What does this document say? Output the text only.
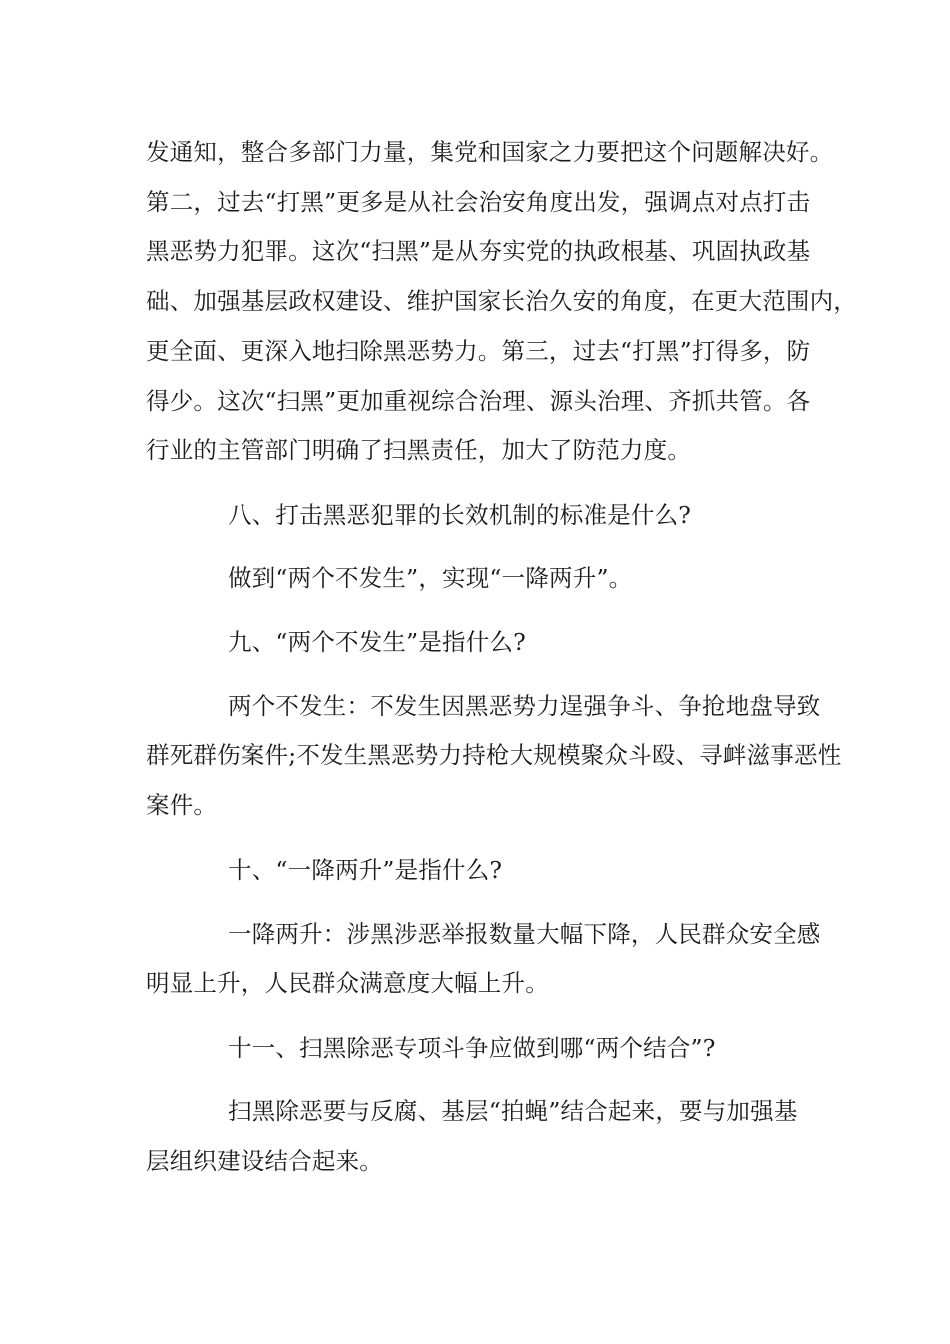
发通知，整合多部门力量，集党和国家之力要把这个问题解决好。
第二，过去“打黑”更多是从社会治安角度出发，强调点对点打击
黑恶势力犯罪。这次“扫黑”是从夯实党的执政根基、巩固执政基
础、加强基层政权建设、维护国家长治久安的角度，在更大范围内，
更全面、更深入地扫除黑恶势力。第三，过去“打黑”打得多，防
得少。这次“扫黑”更加重视综合治理、源头治理、齐抓共管。各
行业的主管部门明确了扫黑责任，加大了防范力度。
八、打击黑恶犯罪的长效机制的标准是什么?
做到“两个不发生”，实现“一降两升”。
九、“两个不发生”是指什么?
两个不发生：不发生因黑恶势力逞强争斗、争抢地盘导致
群死群伤案件;不发生黑恶势力持枪大规模聚众斗殴、寻衅滋事恶性
案件。
十、“一降两升”是指什么?
一降两升：涉黑涉恶举报数量大幅下降，人民群众安全感
明显上升，人民群众满意度大幅上升。
十一、扫黑除恶专项斗争应做到哪“两个结合”?
扫黑除恶要与反腐、基层“拍蝇”结合起来，要与加强基
层组织建设结合起来。
